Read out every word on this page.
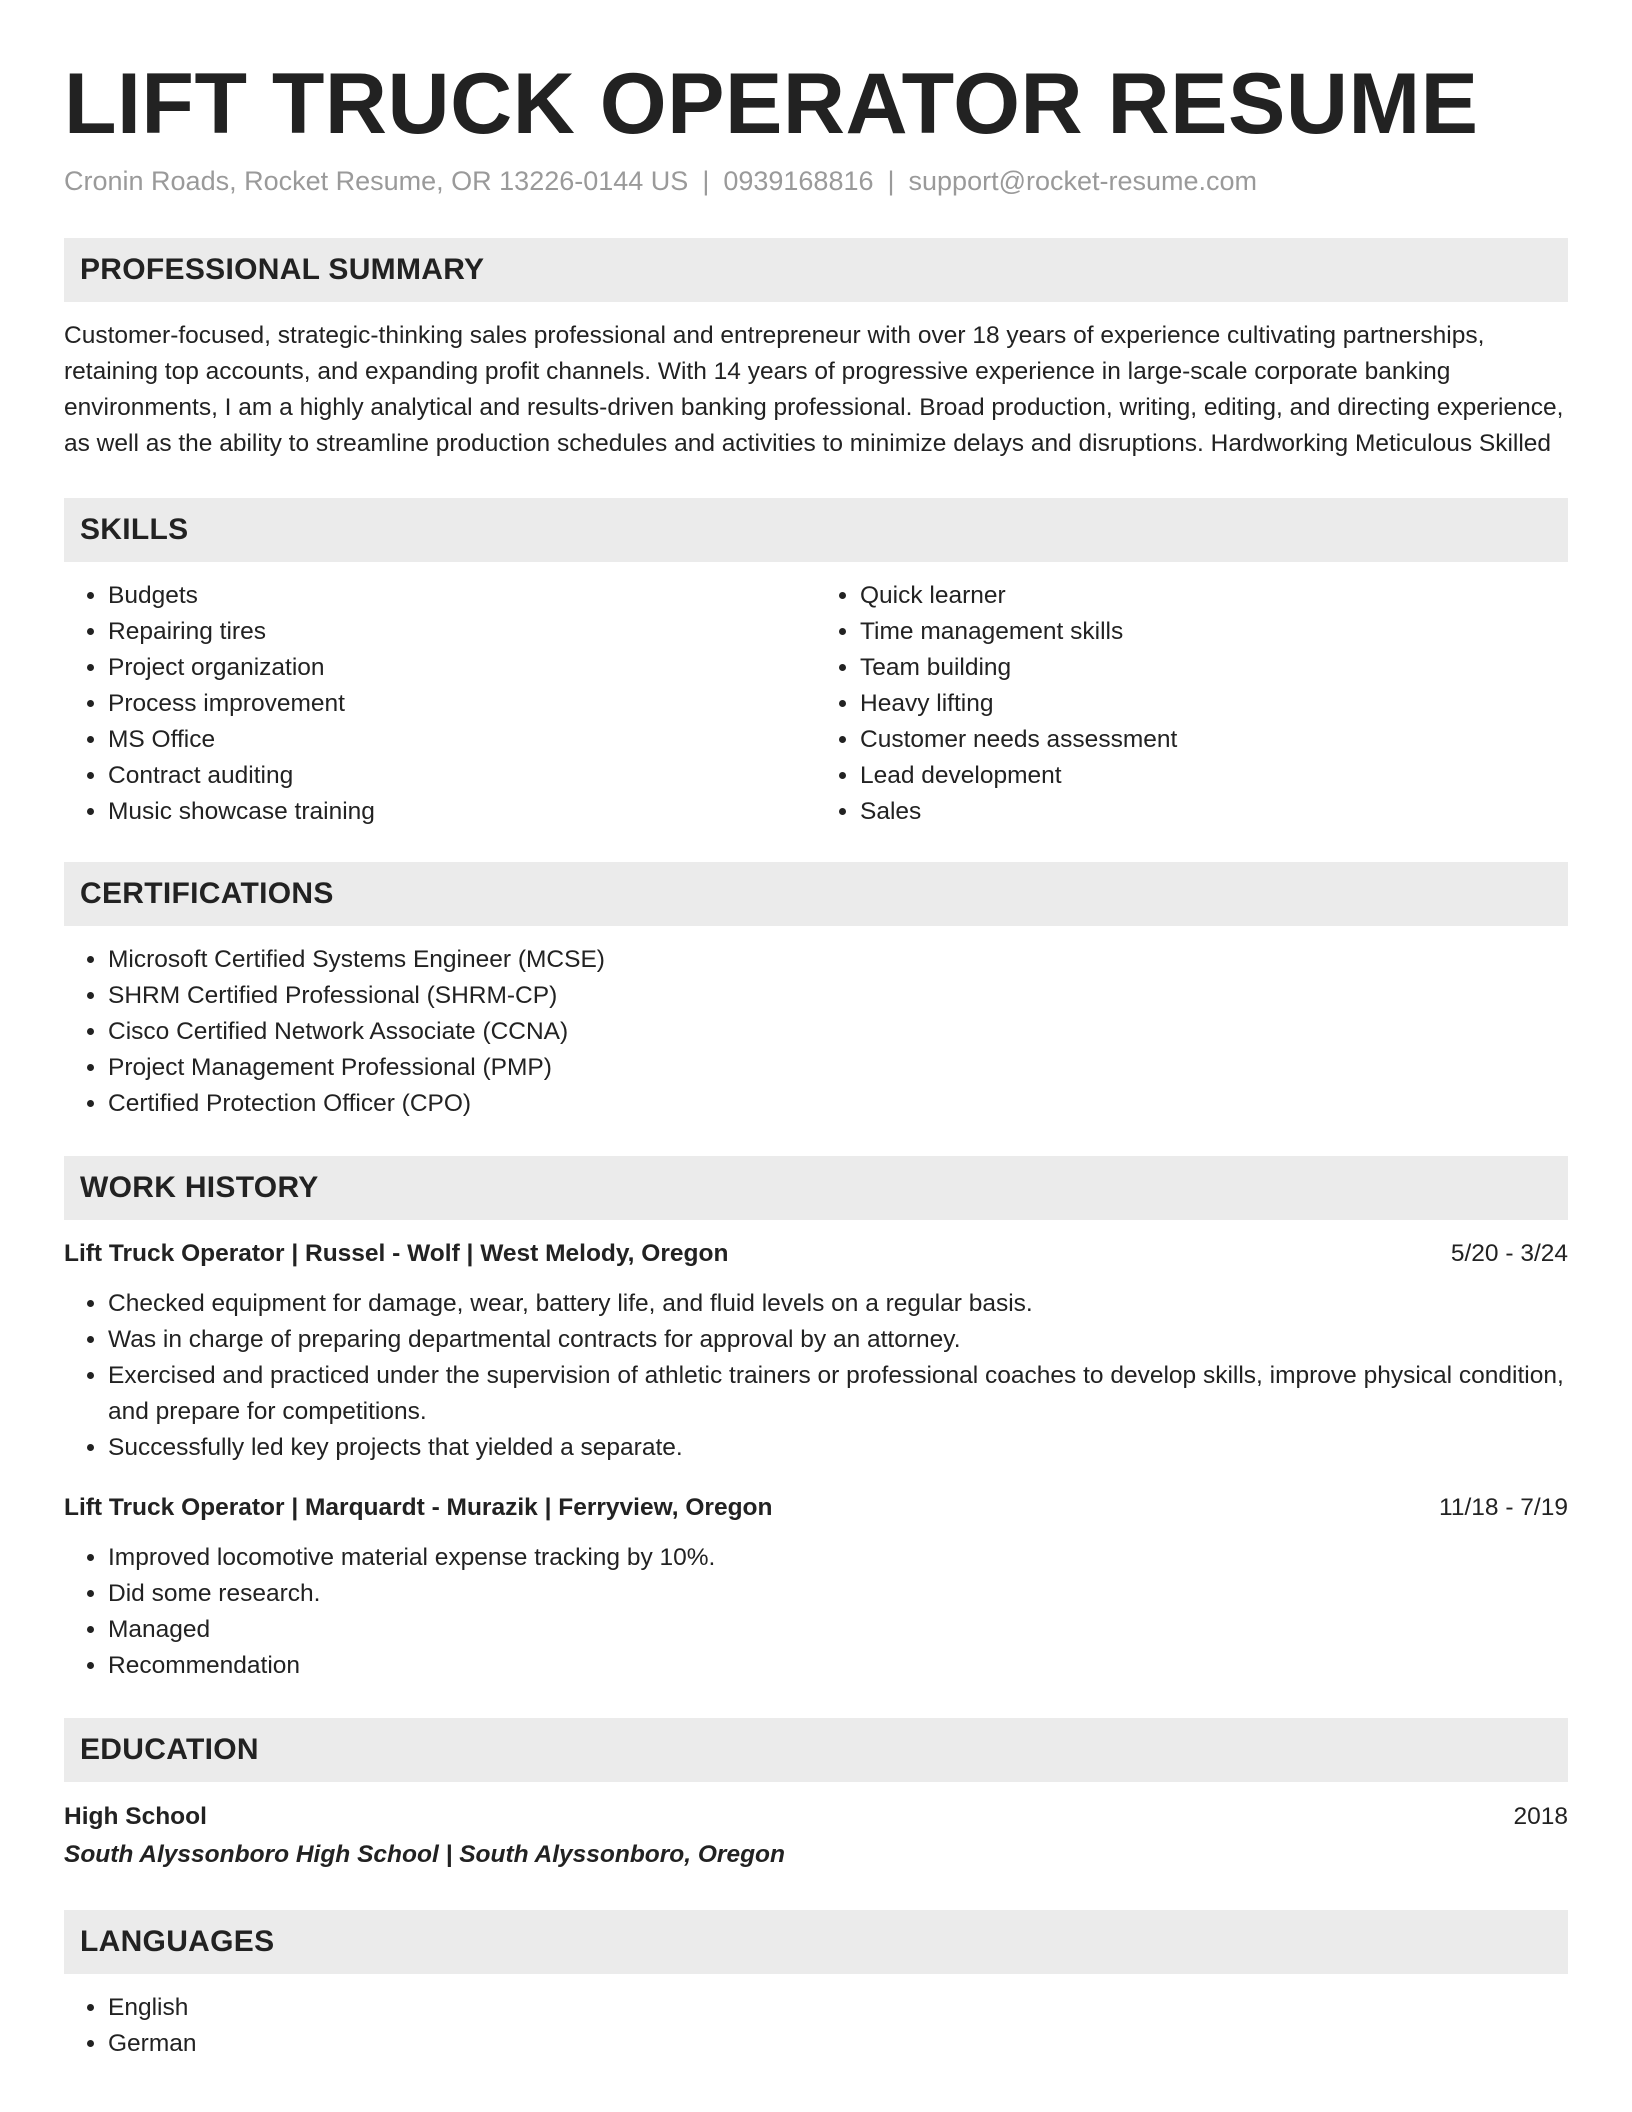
LIFT TRUCK OPERATOR RESUME
Cronin Roads, Rocket Resume, OR 13226-0144 US | 0939168816 | support@rocket-resume.com
PROFESSIONAL SUMMARY

Customer-focused, strategic-thinking sales professional and entrepreneur with over 18 years of experience cultivating partnerships, retaining top accounts, and expanding profit channels. With 14 years of progressive experience in large-scale corporate banking environments, I am a highly analytical and results-driven banking professional. Broad production, writing, editing, and directing experience, as well as the ability to streamline production schedules and activities to minimize delays and disruptions. Hardworking Meticulous Skilled

SKILLS
• Budgets
• Repairing tires
• Project organization
• Process improvement
• MS Office
• Contract auditing
• Music showcase training
• Quick learner
• Time management skills
• Team building
• Heavy lifting
• Customer needs assessment
• Lead development
• Sales
CERTIFICATIONS
• Microsoft Certified Systems Engineer (MCSE)
• SHRM Certified Professional (SHRM-CP)
• Cisco Certified Network Associate (CCNA)
• Project Management Professional (PMP)
• Certified Protection Officer (CPO)
WORK HISTORY
Lift Truck Operator | Russel - Wolf | West Melody, Oregon	5/20 - 3/24
• Checked equipment for damage, wear, battery life, and fluid levels on a regular basis.
• Was in charge of preparing departmental contracts for approval by an attorney.
• Exercised and practiced under the supervision of athletic trainers or professional coaches to develop skills, improve physical condition, and prepare for competitions.
• Successfully led key projects that yielded a separate.
Lift Truck Operator | Marquardt - Murazik | Ferryview, Oregon	11/18 - 7/19
• Improved locomotive material expense tracking by 10%.
• Did some research.
• Managed
• Recommendation
EDUCATION
High School	2018
South Alyssonboro High School | South Alyssonboro, Oregon
LANGUAGES
• English
• German
